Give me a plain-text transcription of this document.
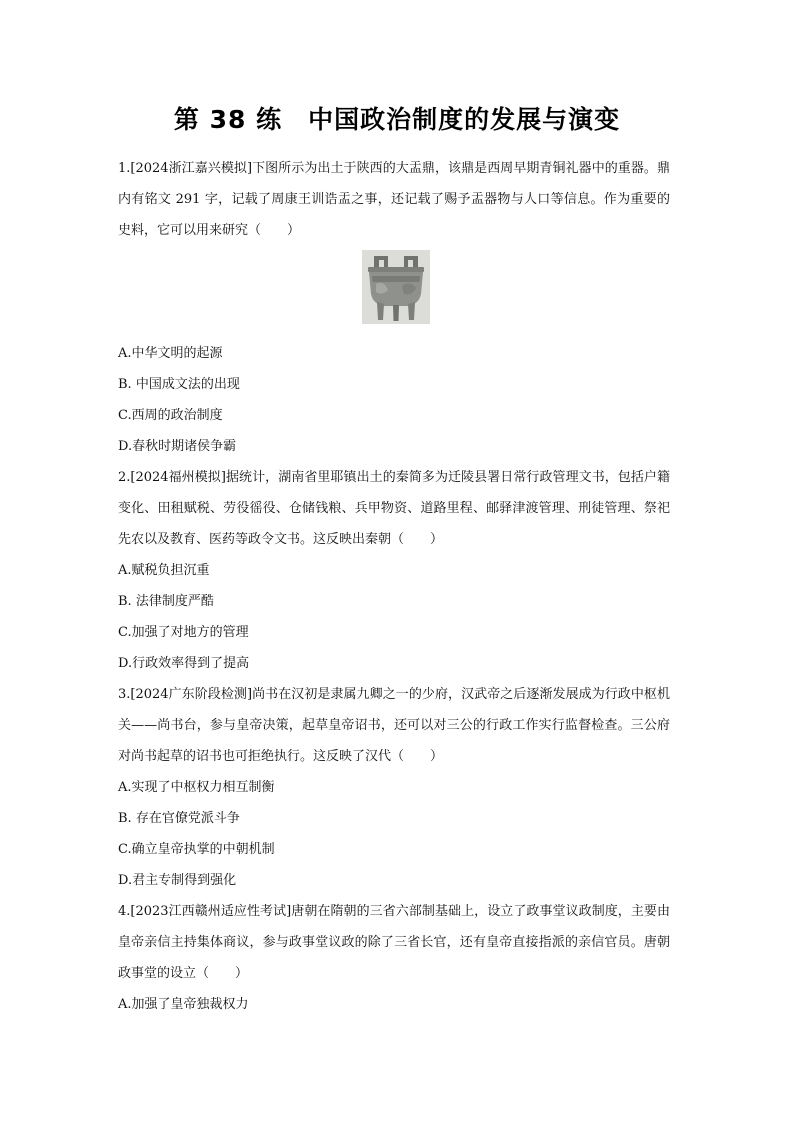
第 38 练　中国政治制度的发展与演变

1.[2024浙江嘉兴模拟]下图所示为出土于陕西的大盂鼎，该鼎是西周早期青铜礼器中的重器。鼎内有铭文 291 字，记载了周康王训诰盂之事，还记载了赐予盂器物与人口等信息。作为重要的史料，它可以用来研究（　　）

A.中华文明的起源

B. 中国成文法的出现

C.西周的政治制度

D.春秋时期诸侯争霸

2.[2024福州模拟]据统计，湖南省里耶镇出土的秦简多为迁陵县署日常行政管理文书，包括户籍变化、田租赋税、劳役徭役、仓储钱粮、兵甲物资、道路里程、邮驿津渡管理、刑徒管理、祭祀先农以及教育、医药等政令文书。这反映出秦朝（　　）

A.赋税负担沉重

B. 法律制度严酷

C.加强了对地方的管理

D.行政效率得到了提高

3.[2024广东阶段检测]尚书在汉初是隶属九卿之一的少府，汉武帝之后逐渐发展成为行政中枢机关——尚书台，参与皇帝决策，起草皇帝诏书，还可以对三公的行政工作实行监督检查。三公府对尚书起草的诏书也可拒绝执行。这反映了汉代（　　）

A.实现了中枢权力相互制衡

B. 存在官僚党派斗争

C.确立皇帝执掌的中朝机制

D.君主专制得到强化

4.[2023江西赣州适应性考试]唐朝在隋朝的三省六部制基础上，设立了政事堂议政制度，主要由皇帝亲信主持集体商议，参与政事堂议政的除了三省长官，还有皇帝直接指派的亲信官员。唐朝政事堂的设立（　　）

A.加强了皇帝独裁权力
